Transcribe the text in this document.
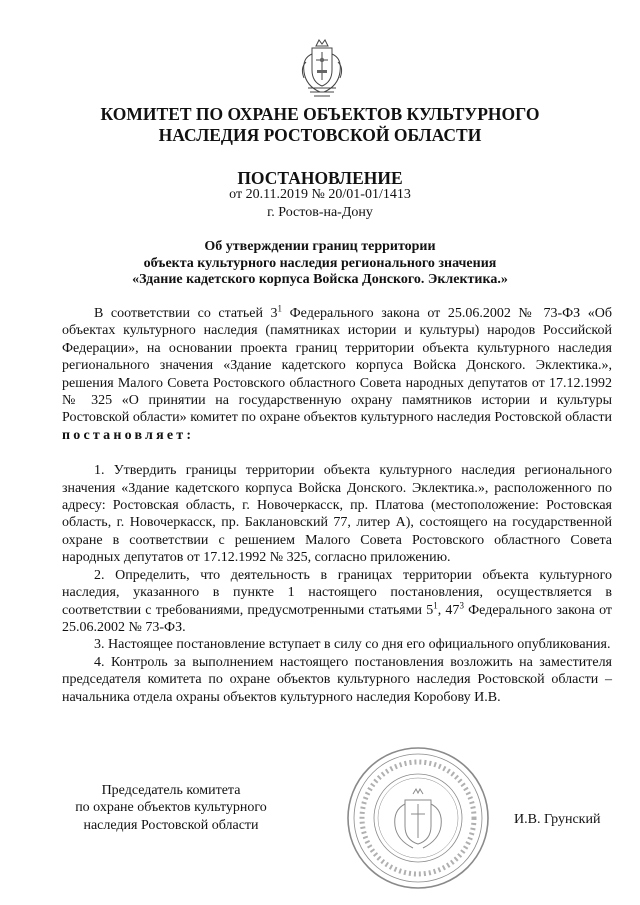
КОМИТЕТ ПО ОХРАНЕ ОБЪЕКТОВ КУЛЬТУРНОГО
НАСЛЕДИЯ РОСТОВСКОЙ ОБЛАСТИ
ПОСТАНОВЛЕНИЕ
от 20.11.2019 № 20/01-01/1413
г. Ростов-на-Дону
Об утверждении границ территории
объекта культурного наследия регионального значения
«Здание кадетского корпуса Войска Донского. Эклектика.»

В соответствии со статьей $3^1$ Федерального закона от 25.06.2002 № 73-ФЗ «Об объектах культурного наследия (памятниках истории и культуры) народов Российской Федерации», на основании проекта границ территории объекта культурного наследия регионального значения «Здание кадетского корпуса Войска Донского. Эклектика.», решения Малого Совета Ростовского областного Совета народных депутатов от 17.12.1992 № 325 «О принятии на государственную охрану памятников истории и культуры Ростовской области» комитет по охране объектов культурного наследия Ростовской области постановляет:

1. Утвердить границы территории объекта культурного наследия регионального значения «Здание кадетского корпуса Войска Донского. Эклектика.», расположенного по адресу: Ростовская область, г. Новочеркасск, пр. Платова (местоположение: Ростовская область, г. Новочеркасск, пр. Баклановский 77, литер А), состоящего на государственной охране в соответствии с решением Малого Совета Ростовского областного Совета народных депутатов от 17.12.1992 № 325, согласно приложению.

2. Определить, что деятельность в границах территории объекта культурного наследия, указанного в пункте 1 настоящего постановления, осуществляется в соответствии с требованиями, предусмотренными статьями $5^1$, $47^3$ Федерального закона от 25.06.2002 № 73-ФЗ.

3. Настоящее постановление вступает в силу со дня его официального опубликования.

4. Контроль за выполнением настоящего постановления возложить на заместителя председателя комитета по охране объектов культурного наследия Ростовской области – начальника отдела охраны объектов культурного наследия Коробову И.В.

Председатель комитета
по охране объектов культурного
наследия Ростовской области	И.В. Грунский
